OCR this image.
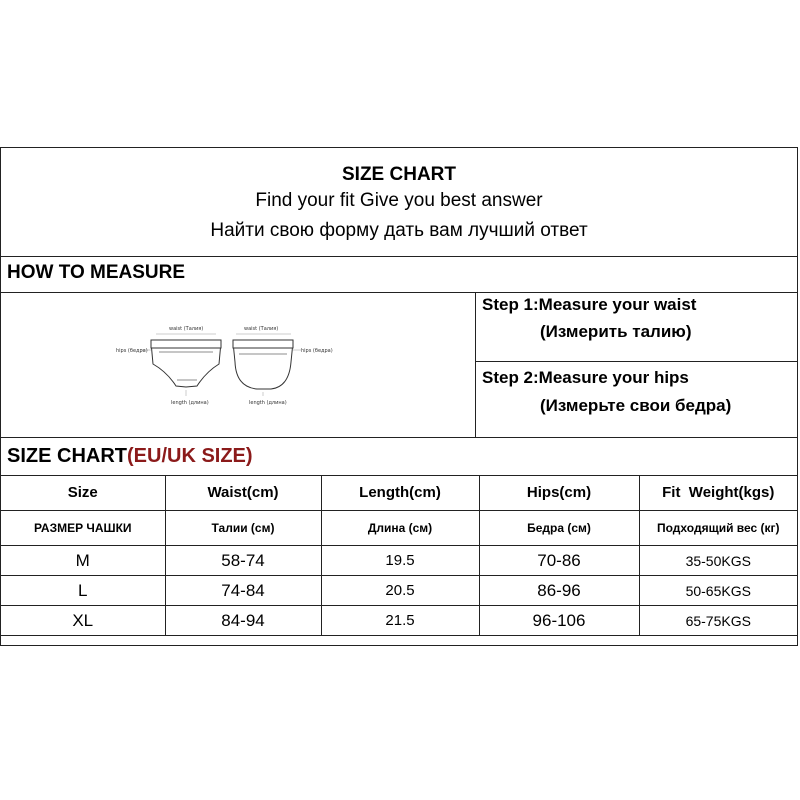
SIZE CHART
Find your fit Give you best answer
Найти свою форму дать вам лучший ответ
HOW TO MEASURE
waist (Талия)	waist (Талия)
hips (бедра)	hips (бедра)
length (длина)	length (длина)
Step 1:Measure your waist
(Измерить талию)
Step 2:Measure your hips
(Измерьте свои бедра)
SIZE CHART(EU/UK SIZE)
Size	Waist(cm)	Length(cm)	Hips(cm)	Fit  Weight(kgs)
РАЗМЕР ЧАШКИ	Талии (см)	Длина (см)	Бедра (см)	Подходящий вес (кг)
M	58-74	19.5	70-86	35-50KGS
L	74-84	20.5	86-96	50-65KGS
XL	84-94	21.5	96-106	65-75KGS
